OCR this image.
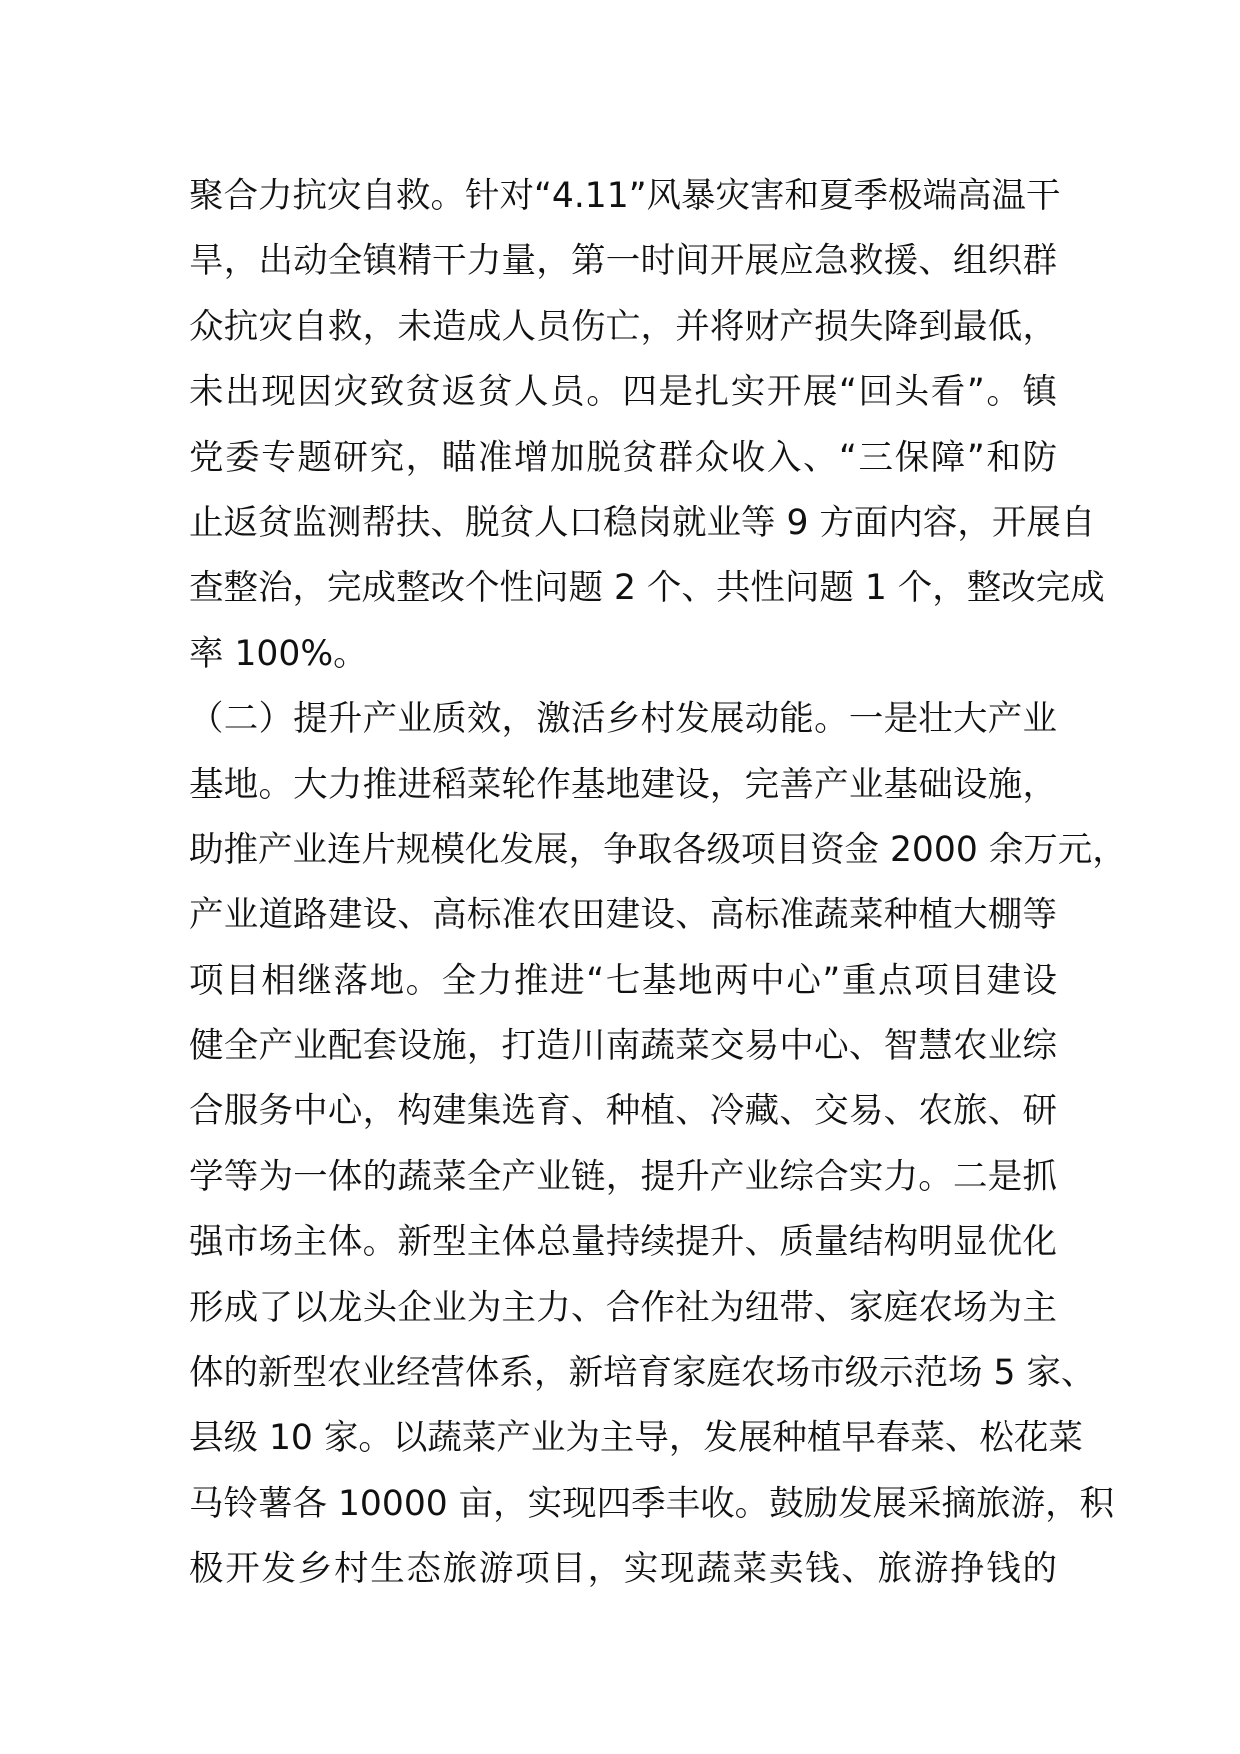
聚合力抗灾自救。针对“4.11”风暴灾害和夏季极端高温干
旱，出动全镇精干力量，第一时间开展应急救援、组织群
众抗灾自救，未造成人员伤亡，并将财产损失降到最低，
未出现因灾致贫返贫人员。四是扎实开展“回头看”。镇
党委专题研究，瞄准增加脱贫群众收入、“三保障”和防
止返贫监测帮扶、脱贫人口稳岗就业等 9 方面内容，开展自
查整治，完成整改个性问题 2 个、共性问题 1 个，整改完成
率 100%。
（二）提升产业质效，激活乡村发展动能。一是壮大产业
基地。大力推进稻菜轮作基地建设，完善产业基础设施，
助推产业连片规模化发展，争取各级项目资金 2000 余万元，
产业道路建设、高标准农田建设、高标准蔬菜种植大棚等
项目相继落地。全力推进“七基地两中心”重点项目建设
健全产业配套设施，打造川南蔬菜交易中心、智慧农业综
合服务中心，构建集选育、种植、冷藏、交易、农旅、研
学等为一体的蔬菜全产业链，提升产业综合实力。二是抓
强市场主体。新型主体总量持续提升、质量结构明显优化
形成了以龙头企业为主力、合作社为纽带、家庭农场为主
体的新型农业经营体系，新培育家庭农场市级示范场 5 家、
县级 10 家。以蔬菜产业为主导，发展种植早春菜、松花菜
马铃薯各 10000 亩，实现四季丰收。鼓励发展采摘旅游，积
极开发乡村生态旅游项目，实现蔬菜卖钱、旅游挣钱的
